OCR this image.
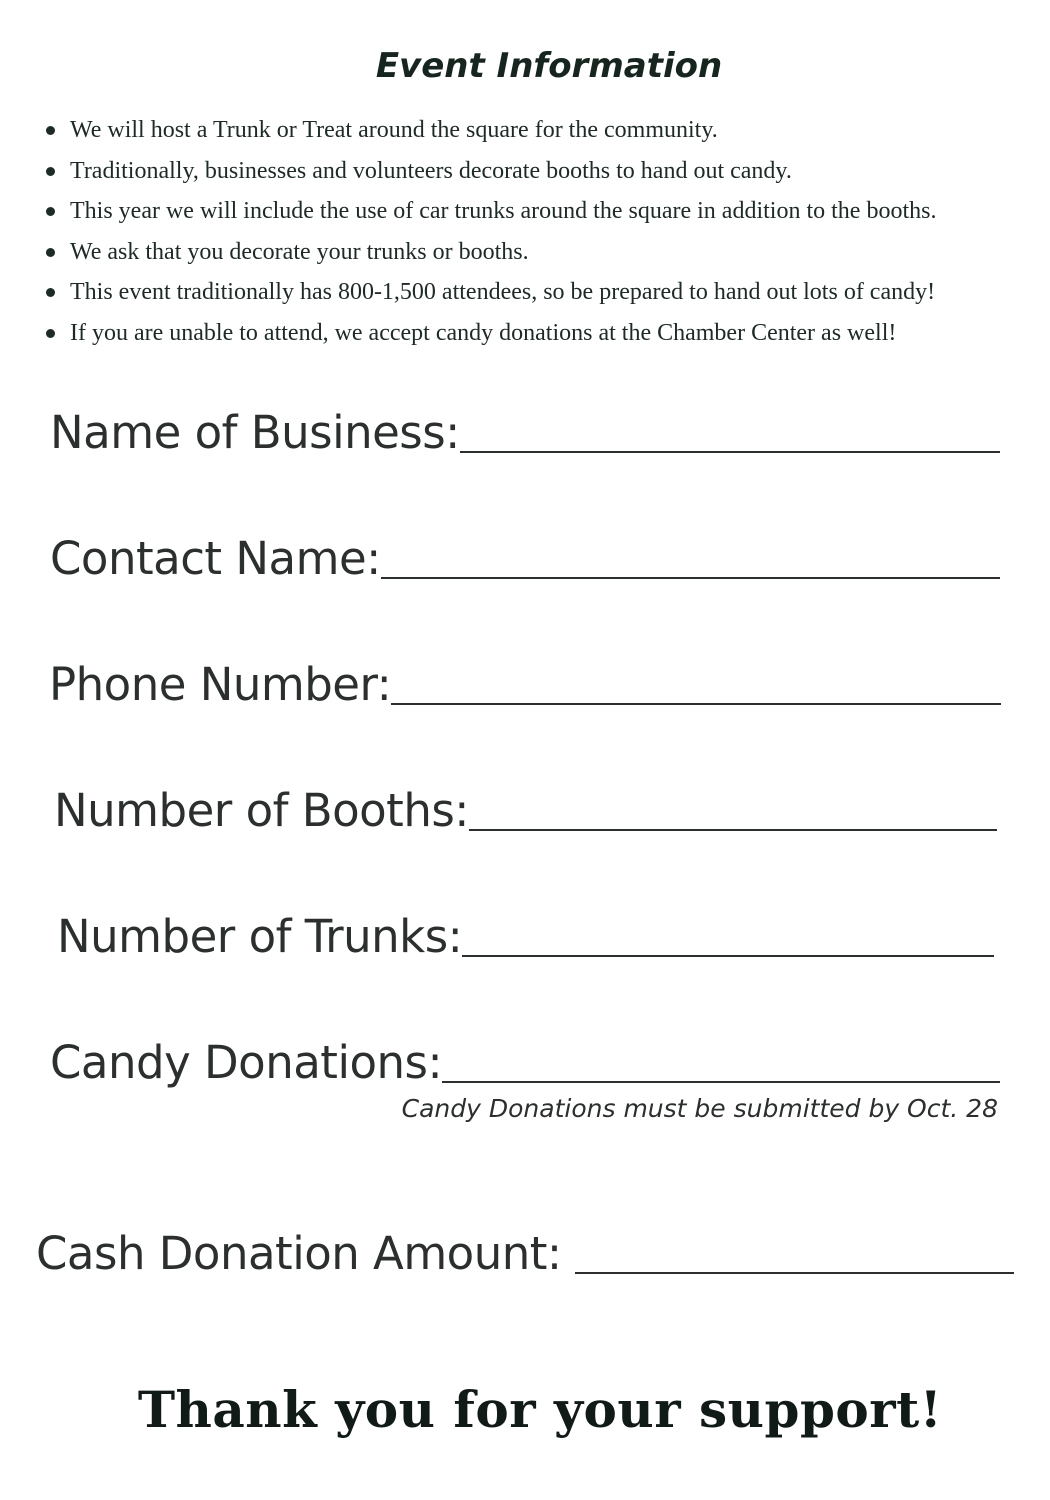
Event Information
We will host a Trunk or Treat around the square for the community.
Traditionally, businesses and volunteers decorate booths to hand out candy.
This year we will include the use of car trunks around the square in addition to the booths.
We ask that you decorate your trunks or booths.
This event traditionally has 800-1,500 attendees, so be prepared to hand out lots of candy!
If you are unable to attend, we accept candy donations at the Chamber Center as well!
Name of Business:
Contact Name:
Phone Number:
Number of Booths:
Number of Trunks:
Candy Donations:
Candy Donations must be submitted by Oct. 28
Cash Donation Amount:
Thank you for your support!
